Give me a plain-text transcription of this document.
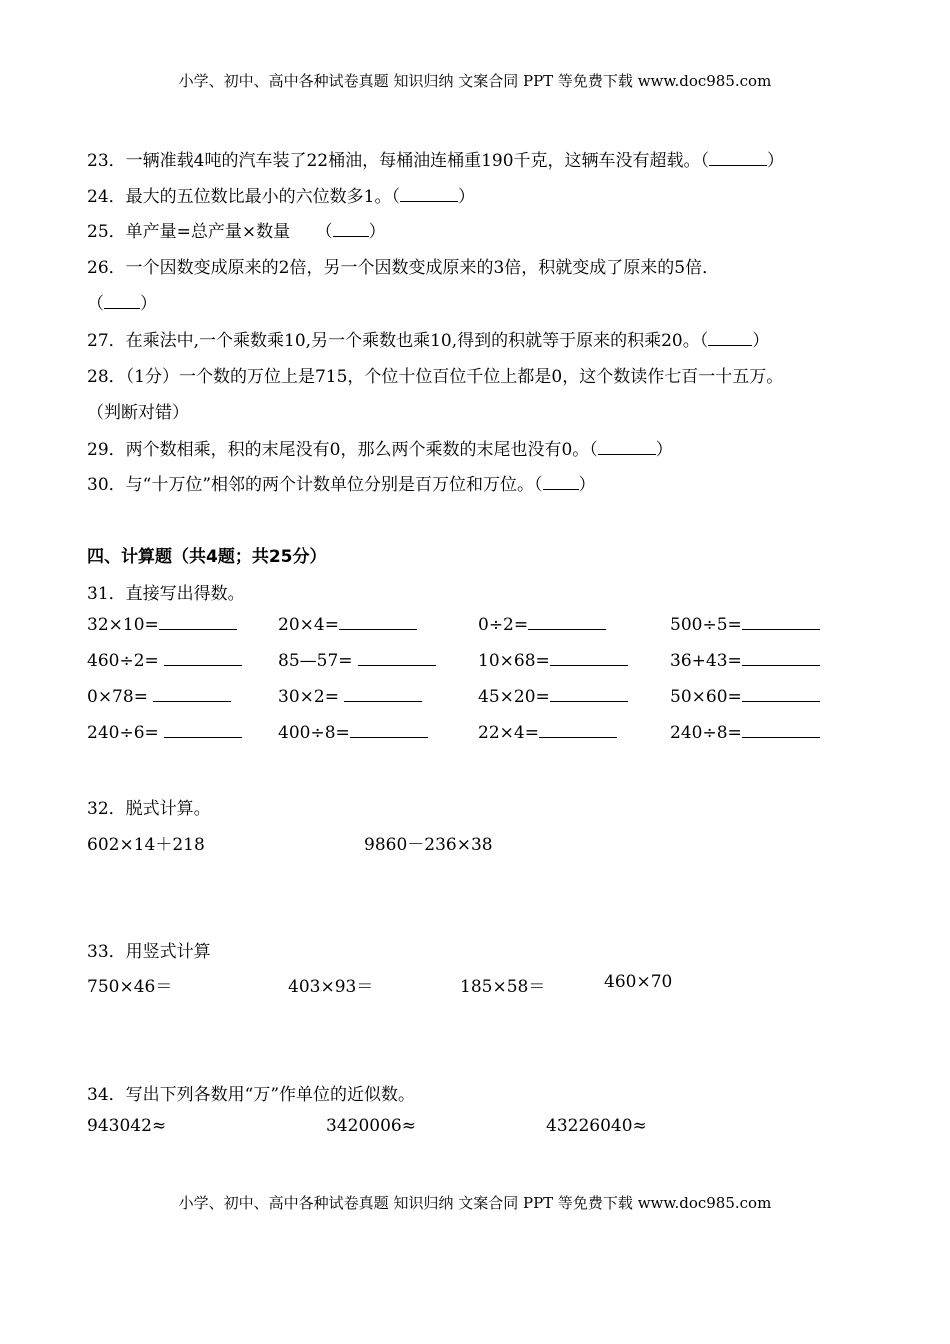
小学、初中、高中各种试卷真题 知识归纳 文案合同 PPT 等免费下载 www.doc985.com
23．一辆准载4吨的汽车装了22桶油，每桶油连桶重190千克，这辆车没有超载。（	）
24．最大的五位数比最小的六位数多1。（	）
25．单产量=总产量×数量　　（ ）
26．一个因数变成原来的2倍，另一个因数变成原来的3倍，积就变成了原来的5倍．
（ ）
27．在乘法中,一个乘数乘10,另一个乘数也乘10,得到的积就等于原来的积乘20。（	）
28．（1分）一个数的万位上是715，个位十位百位千位上都是0，这个数读作七百一十五万。
（判断对错）
29．两个数相乘，积的末尾没有0，那么两个乘数的末尾也没有0。（	）
30．与“十万位”相邻的两个计数单位分别是百万位和万位。（ ）
四、计算题（共4题；共25分）
31．直接写出得数。
32×10=	20×4=	0÷2=	500÷5=
460÷2=	85—57=	10×68=	36+43=
0×78=	30×2=	45×20=	50×60=
240÷6=	400÷8=	22×4=	240÷8=
32．脱式计算。
602×14＋218	9860－236×38
33．用竖式计算
750×46＝	403×93＝	185×58＝	460×70
34．写出下列各数用“万”作单位的近似数。
943042≈	3420006≈	43226040≈
小学、初中、高中各种试卷真题 知识归纳 文案合同 PPT 等免费下载 www.doc985.com
